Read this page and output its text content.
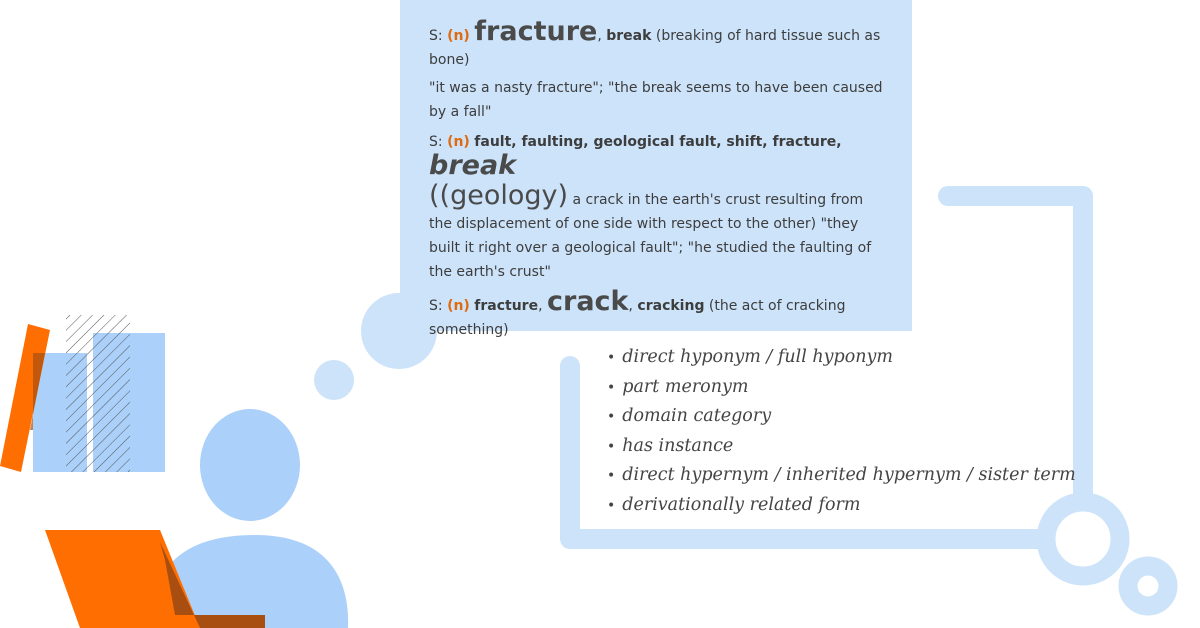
S: (n) fracture, break (breaking of hard tissue such as bone)
"it was a nasty fracture"; "the break seems to have been caused by a fall"
S: (n) fault, faulting, geological fault, shift, fracture, break
((geology) a crack in the earth's crust resulting from the displacement of one side with respect to the other) "they built it right over a geological fault"; "he studied the faulting of the earth's crust"
S: (n) fracture, crack, cracking (the act of cracking something)
• direct hyponym / full hyponym
• part meronym
• domain category
• has instance
• direct hypernym / inherited hypernym / sister term
• derivationally related form
